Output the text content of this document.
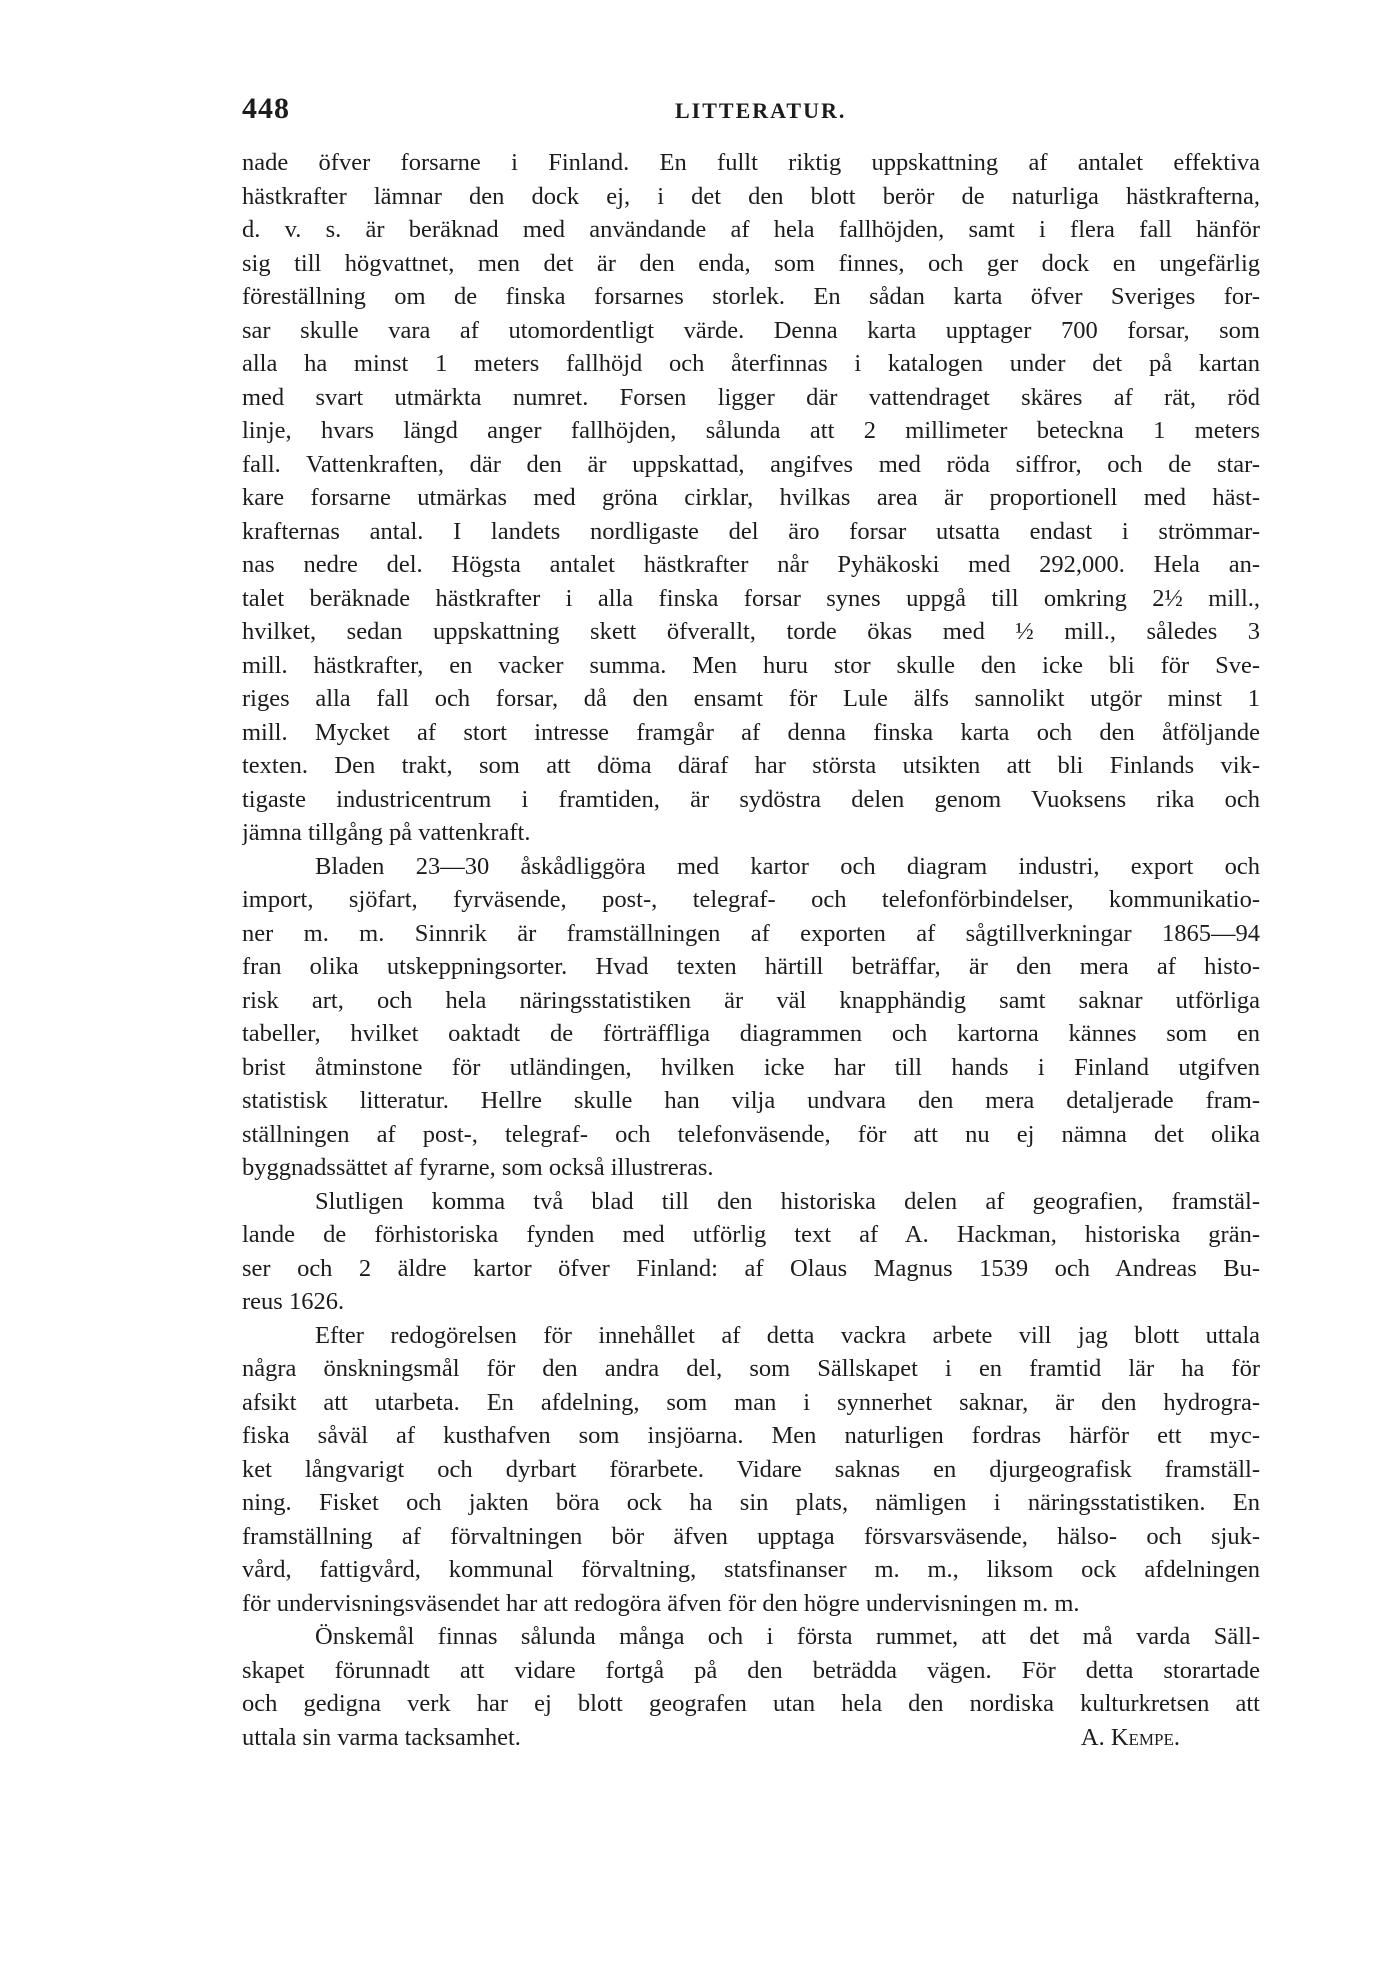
448	LITTERATUR.
nade öfver forsarne i Finland. En fullt riktig uppskattning af antalet effektiva
hästkrafter lämnar den dock ej, i det den blott berör de naturliga hästkrafterna,
d. v. s. är beräknad med användande af hela fallhöjden, samt i flera fall hänför
sig till högvattnet, men det är den enda, som finnes, och ger dock en ungefärlig
föreställning om de finska forsarnes storlek. En sådan karta öfver Sveriges for-
sar skulle vara af utomordentligt värde. Denna karta upptager 700 forsar, som
alla ha minst 1 meters fallhöjd och återfinnas i katalogen under det på kartan
med svart utmärkta numret. Forsen ligger där vattendraget skäres af rät, röd
linje, hvars längd anger fallhöjden, sålunda att 2 millimeter beteckna 1 meters
fall. Vattenkraften, där den är uppskattad, angifves med röda siffror, och de star-
kare forsarne utmärkas med gröna cirklar, hvilkas area är proportionell med häst-
krafternas antal. I landets nordligaste del äro forsar utsatta endast i strömmar-
nas nedre del. Högsta antalet hästkrafter når Pyhäkoski med 292,000. Hela an-
talet beräknade hästkrafter i alla finska forsar synes uppgå till omkring 2½ mill.,
hvilket, sedan uppskattning skett öfverallt, torde ökas med ½ mill., således 3
mill. hästkrafter, en vacker summa. Men huru stor skulle den icke bli för Sve-
riges alla fall och forsar, då den ensamt för Lule älfs sannolikt utgör minst 1
mill. Mycket af stort intresse framgår af denna finska karta och den åtföljande
texten. Den trakt, som att döma däraf har största utsikten att bli Finlands vik-
tigaste industricentrum i framtiden, är sydöstra delen genom Vuoksens rika och
jämna tillgång på vattenkraft.
Bladen 23—30 åskådliggöra med kartor och diagram industri, export och
import, sjöfart, fyrväsende, post-, telegraf- och telefonförbindelser, kommunikatio-
ner m. m. Sinnrik är framställningen af exporten af sågtillverkningar 1865—94
fran olika utskeppningsorter. Hvad texten härtill beträffar, är den mera af histo-
risk art, och hela näringsstatistiken är väl knapphändig samt saknar utförliga
tabeller, hvilket oaktadt de förträffliga diagrammen och kartorna kännes som en
brist åtminstone för utländingen, hvilken icke har till hands i Finland utgifven
statistisk litteratur. Hellre skulle han vilja undvara den mera detaljerade fram-
ställningen af post-, telegraf- och telefonväsende, för att nu ej nämna det olika
byggnadssättet af fyrarne, som också illustreras.
Slutligen komma två blad till den historiska delen af geografien, framstäl-
lande de förhistoriska fynden med utförlig text af A. Hackman, historiska grän-
ser och 2 äldre kartor öfver Finland: af Olaus Magnus 1539 och Andreas Bu-
reus 1626.
Efter redogörelsen för innehållet af detta vackra arbete vill jag blott uttala
några önskningsmål för den andra del, som Sällskapet i en framtid lär ha för
afsikt att utarbeta. En afdelning, som man i synnerhet saknar, är den hydrogra-
fiska såväl af kusthafven som insjöarna. Men naturligen fordras härför ett myc-
ket långvarigt och dyrbart förarbete. Vidare saknas en djurgeografisk framställ-
ning. Fisket och jakten böra ock ha sin plats, nämligen i näringsstatistiken. En
framställning af förvaltningen bör äfven upptaga försvarsväsende, hälso- och sjuk-
vård, fattigvård, kommunal förvaltning, statsfinanser m. m., liksom ock afdelningen
för undervisningsväsendet har att redogöra äfven för den högre undervisningen m. m.
Önskemål finnas sålunda många och i första rummet, att det må varda Säll-
skapet förunnadt att vidare fortgå på den beträdda vägen. För detta storartade
och gedigna verk har ej blott geografen utan hela den nordiska kulturkretsen att
uttala sin varma tacksamhet.	A. Kempe.
